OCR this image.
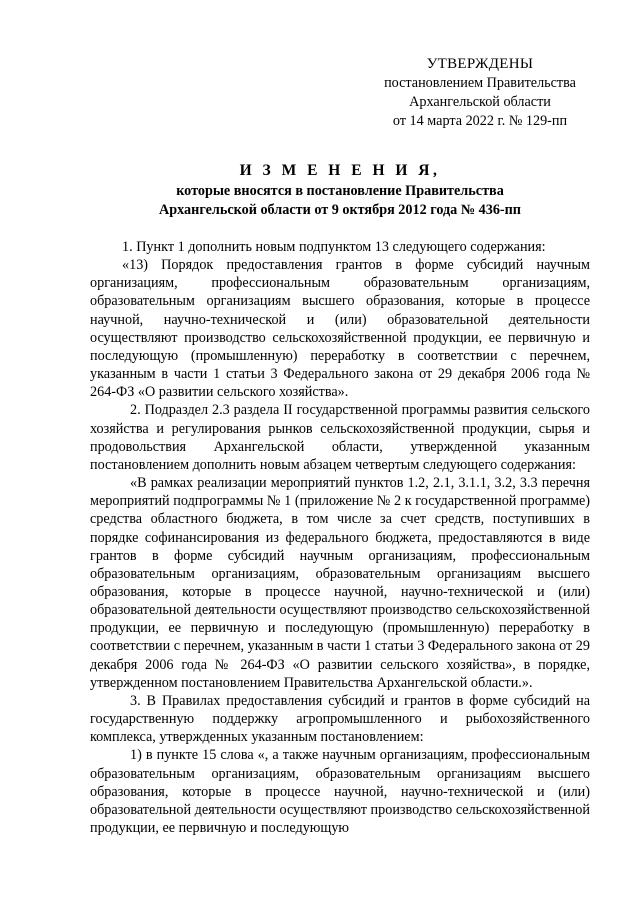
УТВЕРЖДЕНЫ
постановлением Правительства
Архангельской области
от 14 марта 2022 г. № 129-пп
И З М Е Н Е Н И Я,
которые вносятся в постановление Правительства
Архангельской области от 9 октября 2012 года № 436-пп

1. Пункт 1 дополнить новым подпунктом 13 следующего содержания:

«13) Порядок предоставления грантов в форме субсидий научным организациям, профессиональным образовательным организациям, образовательным организациям высшего образования, которые в процессе научной, научно-технической и (или) образовательной деятельности осуществляют производство сельскохозяйственной продукции, ее первичную и последующую (промышленную) переработку в соответствии с перечнем, указанным в части 1 статьи 3 Федерального закона от 29 декабря 2006 года № 264-ФЗ «О развитии сельского хозяйства».

2. Подраздел 2.3 раздела II государственной программы развития сельского хозяйства и регулирования рынков сельскохозяйственной продукции, сырья и продовольствия Архангельской области, утвержденной указанным постановлением дополнить новым абзацем четвертым следующего содержания:

«В рамках реализации мероприятий пунктов 1.2, 2.1, 3.1.1, 3.2, 3.3 перечня мероприятий подпрограммы № 1 (приложение № 2 к государственной программе) средства областного бюджета, в том числе за счет средств, поступивших в порядке софинансирования из федерального бюджета, предоставляются в виде грантов в форме субсидий научным организациям, профессиональным образовательным организациям, образовательным организациям высшего образования, которые в процессе научной, научно-технической и (или) образовательной деятельности осуществляют производство сельскохозяйственной продукции, ее первичную и последующую (промышленную) переработку в соответствии с перечнем, указанным в части 1 статьи 3 Федерального закона от 29 декабря 2006 года № 264-ФЗ «О развитии сельского хозяйства», в порядке, утвержденном постановлением Правительства Архангельской области.».

3. В Правилах предоставления субсидий и грантов в форме субсидий на государственную поддержку агропромышленного и рыбохозяйственного комплекса, утвержденных указанным постановлением:

1) в пункте 15 слова «, а также научным организациям, профессиональным образовательным организациям, образовательным организациям высшего образования, которые в процессе научной, научно-технической и (или) образовательной деятельности осуществляют производство сельскохозяйственной продукции, ее первичную и последующую
